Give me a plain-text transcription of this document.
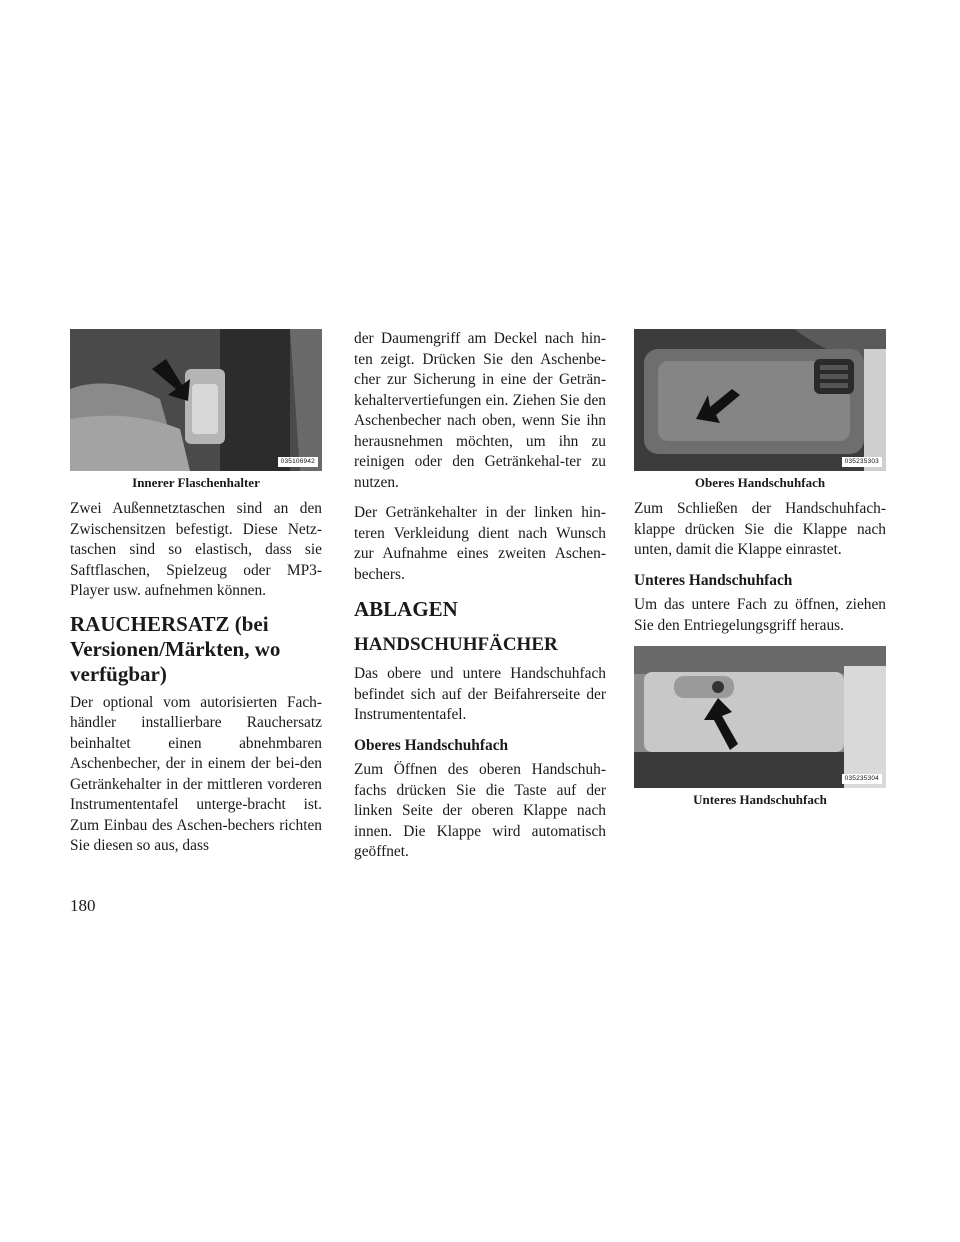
035106942
Innerer Flaschenhalter

Zwei Außennetztaschen sind an den Zwischensitzen befestigt. Diese Netz-taschen sind so elastisch, dass sie Saftflaschen, Spielzeug oder MP3-Player usw. aufnehmen können.

RAUCHERSATZ (bei Versionen/Märkten, wo verfügbar)

Der optional vom autorisierten Fach-händler installierbare Rauchersatz beinhaltet einen abnehmbaren Aschenbecher, der in einem der bei-den Getränkehalter in der mittleren vorderen Instrumententafel unterge-bracht ist. Zum Einbau des Aschen-bechers richten Sie diesen so aus, dass

der Daumengriff am Deckel nach hin-ten zeigt. Drücken Sie den Aschenbe-cher zur Sicherung in eine der Geträn-kehaltervertiefungen ein. Ziehen Sie den Aschenbecher nach oben, wenn Sie ihn herausnehmen möchten, um ihn zu reinigen oder den Getränkehal-ter zu nutzen.

Der Getränkehalter in der linken hin-teren Verkleidung dient nach Wunsch zur Aufnahme eines zweiten Aschen-bechers.

ABLAGEN
HANDSCHUHFÄCHER

Das obere und untere Handschuhfach befindet sich auf der Beifahrerseite der Instrumententafel.

Oberes Handschuhfach

Zum Öffnen des oberen Handschuh-fachs drücken Sie die Taste auf der linken Seite der oberen Klappe nach innen. Die Klappe wird automatisch geöffnet.

035235303
Oberes Handschuhfach

Zum Schließen der Handschuhfach-klappe drücken Sie die Klappe nach unten, damit die Klappe einrastet.

Unteres Handschuhfach

Um das untere Fach zu öffnen, ziehen Sie den Entriegelungsgriff heraus.

035235304
Unteres Handschuhfach
180
